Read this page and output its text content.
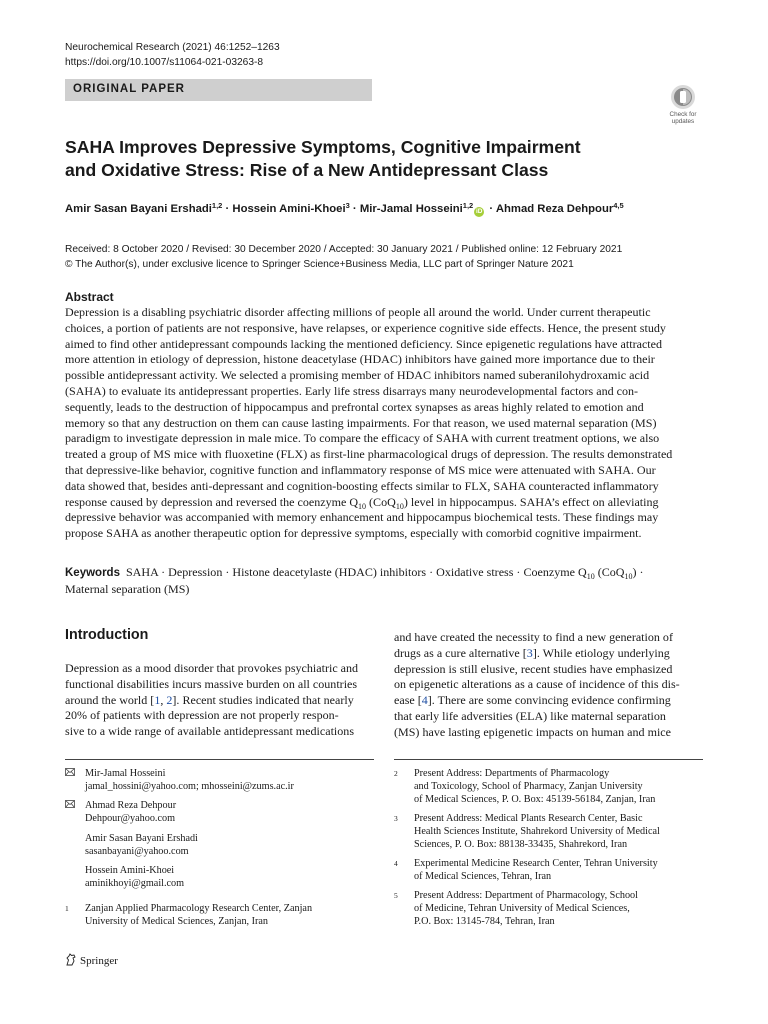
Neurochemical Research (2021) 46:1252–1263
https://doi.org/10.1007/s11064-021-03263-8
ORIGINAL PAPER
Check for
updates
SAHA Improves Depressive Symptoms, Cognitive Impairment
and Oxidative Stress: Rise of a New Antidepressant Class
Amir Sasan Bayani Ershadi$^{1,2}$ · Hossein Amini-Khoei$^3$ · Mir-Jamal Hosseini$^{1,2}$iD · Ahmad Reza Dehpour$^{4,5}$
Received: 8 October 2020 / Revised: 30 December 2020 / Accepted: 30 January 2021 / Published online: 12 February 2021
© The Author(s), under exclusive licence to Springer Science+Business Media, LLC part of Springer Nature 2021
Abstract
Depression is a disabling psychiatric disorder affecting millions of people all around the world. Under current therapeutic
choices, a portion of patients are not responsive, have relapses, or experience cognitive side effects. Hence, the present study
aimed to find other antidepressant compounds lacking the mentioned deficiency. Since epigenetic regulations have attracted
more attention in etiology of depression, histone deacetylase (HDAC) inhibitors have gained more importance due to their
possible antidepressant activity. We selected a promising member of HDAC inhibitors named suberanilohydroxamic acid
(SAHA) to evaluate its antidepressant properties. Early life stress disarrays many neurodevelopmental factors and con-
sequently, leads to the destruction of hippocampus and prefrontal cortex synapses as areas highly related to emotion and
memory so that any destruction on them can cause lasting impairments. For that reason, we used maternal separation (MS)
paradigm to investigate depression in male mice. To compare the efficacy of SAHA with current treatment options, we also
treated a group of MS mice with fluoxetine (FLX) as first-line pharmacological drugs of depression. The results demonstrated
that depressive-like behavior, cognitive function and inflammatory response of MS mice were attenuated with SAHA. Our
data showed that, besides anti-depressant and cognition-boosting effects similar to FLX, SAHA counteracted inflammatory
response caused by depression and reversed the coenzyme $Q_{10}$ (CoQ$_{10}$) level in hippocampus. SAHA’s effect on alleviating
depressive behavior was accompanied with memory enhancement and hippocampus biochemical tests. These findings may
propose SAHA as another therapeutic option for depressive symptoms, especially with comorbid cognitive impairment.
Keywords SAHA · Depression · Histone deacetylaste (HDAC) inhibitors · Oxidative stress · Coenzyme $Q_{10}$ (CoQ$_{10}$) ·
Maternal separation (MS)
Introduction
Depression as a mood disorder that provokes psychiatric and
functional disabilities incurs massive burden on all countries
around the world [1, 2]. Recent studies indicated that nearly
20% of patients with depression are not properly respon-
sive to a wide range of available antidepressant medications
and have created the necessity to find a new generation of
drugs as a cure alternative [3]. While etiology underlying
depression is still elusive, recent studies have emphasized
on epigenetic alterations as a cause of incidence of this dis-
ease [4]. There are some convincing evidence confirming
that early life adversities (ELA) like maternal separation
(MS) have lasting epigenetic impacts on human and mice
Mir-Jamal Hosseini
jamal_hossini@yahoo.com; mhosseini@zums.ac.ir
Ahmad Reza Dehpour
Dehpour@yahoo.com
Amir Sasan Bayani Ershadi
sasanbayani@yahoo.com
Hossein Amini-Khoei
aminikhoyi@gmail.com
1 Zanjan Applied Pharmacology Research Center, Zanjan
University of Medical Sciences, Zanjan, Iran
2 Present Address: Departments of Pharmacology
and Toxicology, School of Pharmacy, Zanjan University
of Medical Sciences, P. O. Box: 45139-56184, Zanjan, Iran
3 Present Address: Medical Plants Research Center, Basic
Health Sciences Institute, Shahrekord University of Medical
Sciences, P. O. Box: 88138-33435, Shahrekord, Iran
4 Experimental Medicine Research Center, Tehran University
of Medical Sciences, Tehran, Iran
5 Present Address: Department of Pharmacology, School
of Medicine, Tehran University of Medical Sciences,
P.O. Box: 13145-784, Tehran, Iran
Springer
